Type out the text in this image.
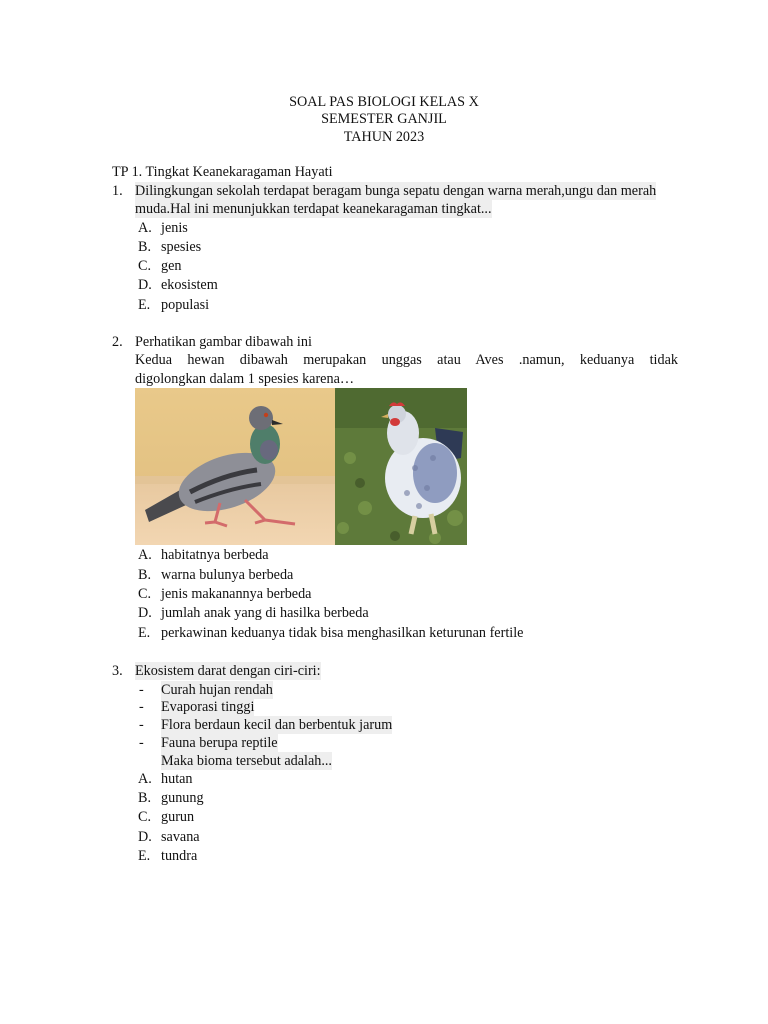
SOAL PAS BIOLOGI KELAS X
SEMESTER GANJIL
TAHUN 2023
TP 1. Tingkat Keanekaragaman Hayati
1. Dilingkungan sekolah terdapat beragam bunga sepatu dengan warna merah,ungu dan merah
muda.Hal ini menunjukkan terdapat keanekaragaman tingkat...
A. jenis
B. spesies
C. gen
D. ekosistem
E. populasi
2. Perhatikan gambar dibawah ini
Kedua hewan dibawah merupakan unggas atau Aves .namun, keduanya tidak
digolongkan dalam 1 spesies karena…
A. habitatnya berbeda
B. warna bulunya berbeda
C. jenis makanannya berbeda
D. jumlah anak yang di hasilka berbeda
E. perkawinan keduanya tidak bisa menghasilkan keturunan fertile
3. Ekosistem darat dengan ciri-ciri:
- Curah hujan rendah
- Evaporasi tinggi
- Flora berdaun kecil dan berbentuk jarum
- Fauna berupa reptile
Maka bioma tersebut adalah...
A. hutan
B. gunung
C. gurun
D. savana
E. tundra
